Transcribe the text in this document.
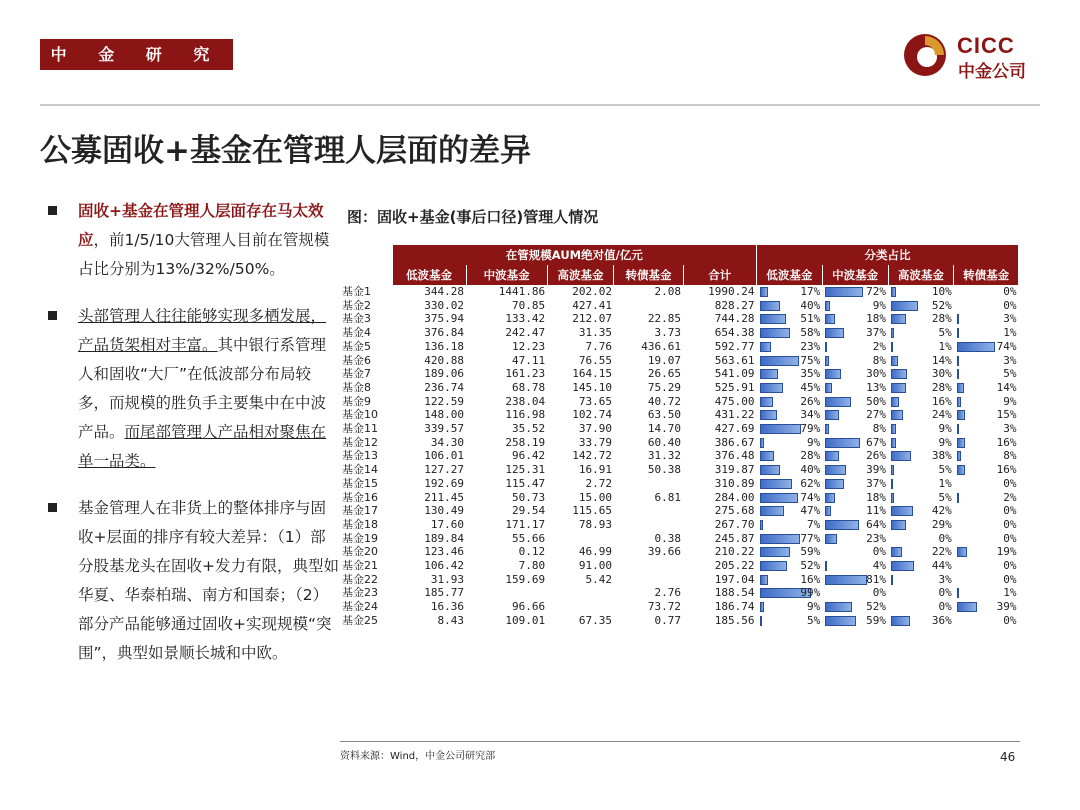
中 金 研 究 部
CICC
中金公司
公募固收+基金在管理人层面的差异
固收+基金在管理人层面存在马太效应，前1/5/10大管理人目前在管规模占比分别为13%/32%/50%。
头部管理人往往能够实现多栖发展，产品货架相对丰富。其中银行系管理人和固收“大厂”在低波部分布局较多，而规模的胜负手主要集中在中波产品。而尾部管理人产品相对聚焦在单一品类。
基金管理人在非货上的整体排序与固收+层面的排序有较大差异：（1）部分股基龙头在固收+发力有限，典型如华夏、华泰柏瑞、南方和国泰；（2）部分产品能够通过固收+实现规模“突围”，典型如景顺长城和中欧。
图：固收+基金(事后口径)管理人情况
	在管规模AUM绝对值/亿元					分类占比			
	低波基金	中波基金	高波基金	转债基金	合计	低波基金	中波基金	高波基金	转债基金
基金1	344.28	1441.86	202.02	2.08	1990.24	17%	72%	10%	0%
基金2	330.02	70.85	427.41		828.27	40%	9%	52%	0%
基金3	375.94	133.42	212.07	22.85	744.28	51%	18%	28%	3%
基金4	376.84	242.47	31.35	3.73	654.38	58%	37%	5%	1%
基金5	136.18	12.23	7.76	436.61	592.77	23%	2%	1%	74%
基金6	420.88	47.11	76.55	19.07	563.61	75%	8%	14%	3%
基金7	189.06	161.23	164.15	26.65	541.09	35%	30%	30%	5%
基金8	236.74	68.78	145.10	75.29	525.91	45%	13%	28%	14%
基金9	122.59	238.04	73.65	40.72	475.00	26%	50%	16%	9%
基金10	148.00	116.98	102.74	63.50	431.22	34%	27%	24%	15%
基金11	339.57	35.52	37.90	14.70	427.69	79%	8%	9%	3%
基金12	34.30	258.19	33.79	60.40	386.67	9%	67%	9%	16%
基金13	106.01	96.42	142.72	31.32	376.48	28%	26%	38%	8%
基金14	127.27	125.31	16.91	50.38	319.87	40%	39%	5%	16%
基金15	192.69	115.47	2.72		310.89	62%	37%	1%	0%
基金16	211.45	50.73	15.00	6.81	284.00	74%	18%	5%	2%
基金17	130.49	29.54	115.65		275.68	47%	11%	42%	0%
基金18	17.60	171.17	78.93		267.70	7%	64%	29%	0%
基金19	189.84	55.66		0.38	245.87	77%	23%	0%	0%
基金20	123.46	0.12	46.99	39.66	210.22	59%	0%	22%	19%
基金21	106.42	7.80	91.00		205.22	52%	4%	44%	0%
基金22	31.93	159.69	5.42		197.04	16%	81%	3%	0%
基金23	185.77			2.76	188.54	99%	0%	0%	1%
基金24	16.36	96.66		73.72	186.74	9%	52%	0%	39%
基金25	8.43	109.01	67.35	0.77	185.56	5%	59%	36%	0%
资料来源：Wind，中金公司研究部	46
